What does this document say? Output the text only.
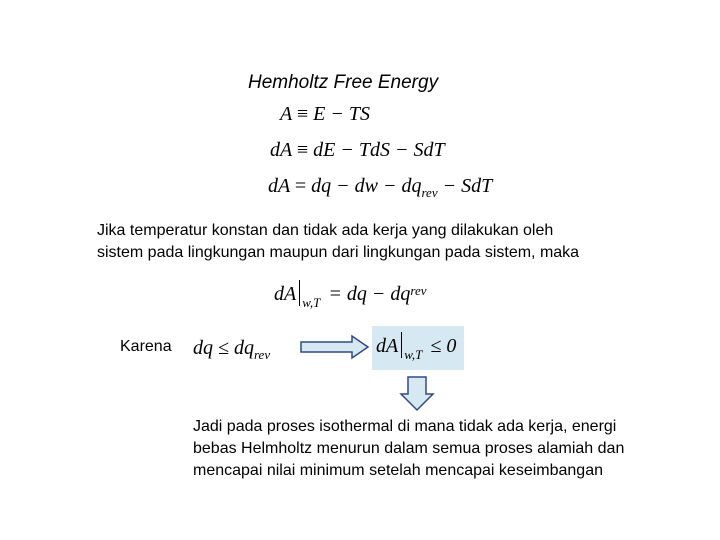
Hemholtz Free Energy
A ≡ E − TS
dA ≡ dE − TdS − SdT
dA = dq − dw − $dq_{rev}$ − SdT
Jika temperatur konstan dan tidak ada kerja yang dilakukan oleh
sistem pada lingkungan maupun dari lingkungan pada sistem, maka
dA w,T = dq − dq rev
Karena dq ≤ $dq_{rev}$	dA w,T ≤ 0
Jadi pada proses isothermal di mana tidak ada kerja, energi
bebas Helmholtz menurun dalam semua proses alamiah dan
mencapai nilai minimum setelah mencapai keseimbangan
